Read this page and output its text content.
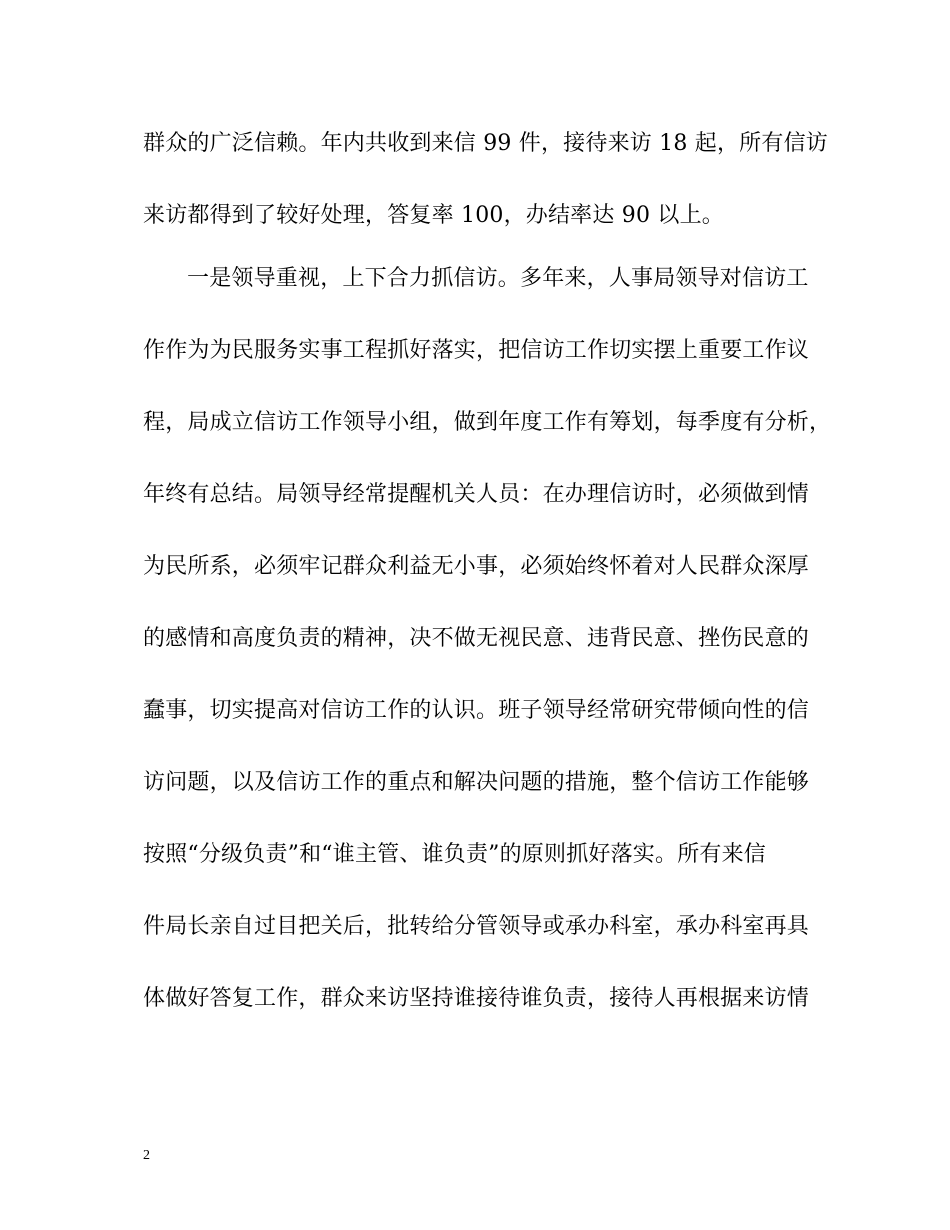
群众的广泛信赖。年内共收到来信 99 件，接待来访 18 起，所有信访
来访都得到了较好处理，答复率 100，办结率达 90 以上。
一是领导重视，上下合力抓信访。多年来，人事局领导对信访工
作作为为民服务实事工程抓好落实，把信访工作切实摆上重要工作议
程，局成立信访工作领导小组，做到年度工作有筹划，每季度有分析，
年终有总结。局领导经常提醒机关人员：在办理信访时，必须做到情
为民所系，必须牢记群众利益无小事，必须始终怀着对人民群众深厚
的感情和高度负责的精神，决不做无视民意、违背民意、挫伤民意的
蠢事，切实提高对信访工作的认识。班子领导经常研究带倾向性的信
访问题，以及信访工作的重点和解决问题的措施，整个信访工作能够
按照“分级负责”和“谁主管、谁负责”的原则抓好落实。所有来信
件局长亲自过目把关后，批转给分管领导或承办科室，承办科室再具
体做好答复工作，群众来访坚持谁接待谁负责，接待人再根据来访情
2
